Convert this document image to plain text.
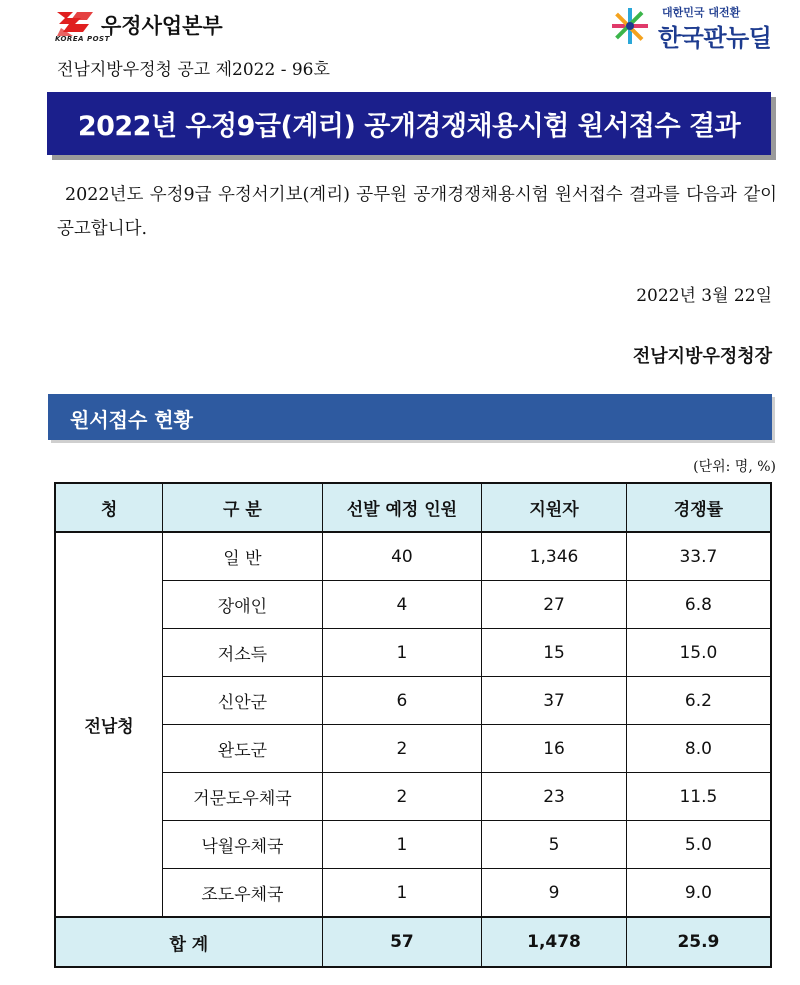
우정사업본부
KOREA POST
대한민국 대전환
한국판뉴딜
전남지방우정청 공고 제2022 - 96호
2022년 우정9급(계리) 공개경쟁채용시험 원서접수 결과
2022년도 우정9급 우정서기보(계리) 공무원 공개경쟁채용시험 원서접수 결과를 다음과 같이 공고합니다.
2022년 3월 22일
전남지방우정청장
원서접수 현황
(단위: 명, %)
청	구 분	선발 예정 인원	지원자	경쟁률
전남청	일 반	40	1,346	33.7
	장애인	4	27	6.8
	저소득	1	15	15.0
	신안군	6	37	6.2
	완도군	2	16	8.0
	거문도우체국	2	23	11.5
	낙월우체국	1	5	5.0
	조도우체국	1	9	9.0
합 계		57	1,478	25.9
